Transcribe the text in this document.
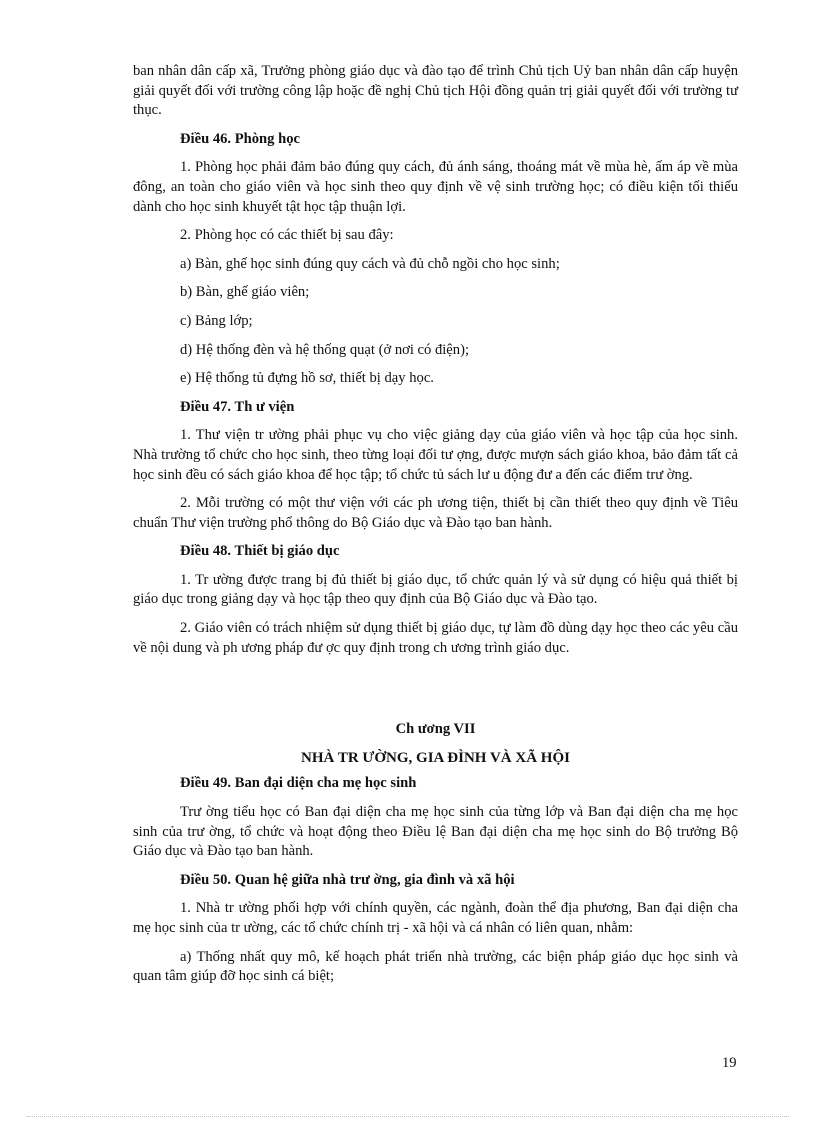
ban nhân dân cấp xã, Trưởng phòng giáo dục và đào tạo để trình Chủ tịch Uỷ ban nhân dân cấp huyện giải quyết đối với trường công lập hoặc đề nghị Chủ tịch Hội đồng quản trị giải quyết đối với trường tư thục.

Điều 46. Phòng học

1. Phòng học phải đảm bảo đúng quy cách, đủ ánh sáng, thoáng mát về mùa hè, ấm áp về mùa đông, an toàn cho giáo viên và học sinh theo quy định về vệ sinh trường học; có điều kiện tối thiểu dành cho học sinh khuyết tật học tập thuận lợi.

2. Phòng học có các thiết bị sau đây:

a) Bàn, ghế học sinh đúng quy cách và đủ chỗ ngồi cho học sinh;

b) Bàn, ghế giáo viên;

c) Bảng lớp;

d) Hệ thống đèn và hệ thống quạt (ở nơi có điện);

e) Hệ thống tủ đựng hồ sơ, thiết bị dạy học.

Điều 47. Th ư viện

1. Thư viện tr ường phải phục vụ cho việc giảng dạy của giáo viên và học tập của học sinh. Nhà trường tổ chức cho học sinh, theo từng loại đối tư ợng, được mượn sách giáo khoa, bảo đảm tất cả học sinh đều có sách giáo khoa để học tập; tổ chức tủ sách lư u động đư a đến các điểm trư ờng.

2. Mỗi trường có một thư viện với các ph ương tiện, thiết bị cần thiết theo quy định về Tiêu chuẩn Thư viện trường phổ thông do Bộ Giáo dục và Đào tạo ban hành.

Điều 48. Thiết bị giáo dục

1. Tr ường được trang bị đủ thiết bị giáo dục, tổ chức quản lý và sử dụng có hiệu quả thiết bị giáo dục trong giảng dạy và học tập theo quy định của Bộ Giáo dục và Đào tạo.

2. Giáo viên có trách nhiệm sử dụng thiết bị giáo dục, tự làm đồ dùng dạy học theo các yêu cầu về nội dung và ph ương pháp đư ợc quy định trong ch ương trình giáo dục.

Ch ương VII

NHÀ TR ƯỜNG, GIA ĐÌNH VÀ XÃ HỘI

Điều 49. Ban đại diện cha mẹ học sinh

Trư ờng tiểu học có Ban đại diện cha mẹ học sinh của từng lớp và Ban đại diện cha mẹ học sinh của trư ờng, tổ chức và hoạt động theo Điều lệ Ban đại diện cha mẹ học sinh do Bộ trưởng Bộ Giáo dục và Đào tạo ban hành.

Điều 50. Quan hệ giữa nhà trư ờng, gia đình và xã hội

1. Nhà tr ường phối hợp với chính quyền, các ngành, đoàn thể địa phương, Ban đại diện cha mẹ học sinh của tr ường, các tổ chức chính trị - xã hội và cá nhân có liên quan, nhằm:

a) Thống nhất quy mô, kế hoạch phát triển nhà trường, các biện pháp giáo dục học sinh và quan tâm giúp đỡ học sinh cá biệt;

19
